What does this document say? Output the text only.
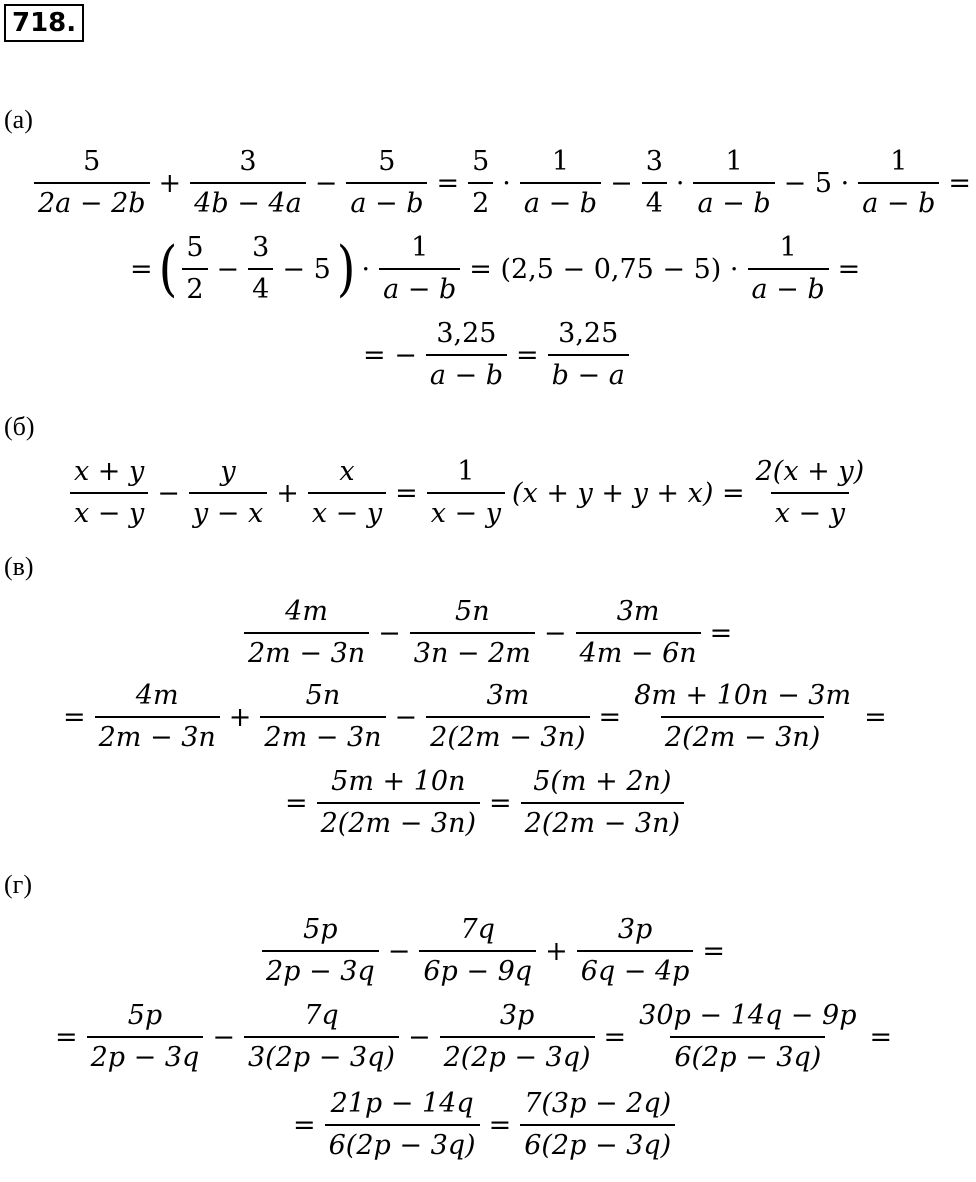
718.
(а)
$\frac{5}{2a - 2b} + \frac{3}{4b - 4a} - \frac{5}{a - b} = \frac{5}{2} \cdot \frac{1}{a - b} - \frac{3}{4} \cdot \frac{1}{a - b} - 5 \cdot \frac{1}{a - b}$ =
= ( $\frac{5}{2} - \frac{3}{4} - 5$ ) · $\frac{1}{a - b} = (2,5 - 0,75 - 5) \cdot \frac{1}{a - b}$ =
= − $\frac{3,25}{a - b} = \frac{3,25}{b - a}$
(б)
$\frac{x + y}{x - y} - \frac{y}{y - x} + \frac{x}{x - y} = \frac{1}{x - y} (x + y + y + x) = \frac{2(x + y)}{x - y}$
(в)
$\frac{4m}{2m - 3n} - \frac{5n}{3n - 2m} - \frac{3m}{4m - 6n}$ =
= $\frac{4m}{2m - 3n} + \frac{5n}{2m - 3n} - \frac{3m}{2(2m - 3n)} = \frac{8m + 10n - 3m}{2(2m - 3n)}$ =
= $\frac{5m + 10n}{2(2m - 3n)} = \frac{5(m + 2n)}{2(2m - 3n)}$
(г)
$\frac{5p}{2p - 3q} - \frac{7q}{6p - 9q} + \frac{3p}{6q - 4p}$ =
= $\frac{5p}{2p - 3q} - \frac{7q}{3(2p - 3q)} - \frac{3p}{2(2p - 3q)} = \frac{30p - 14q - 9p}{6(2p - 3q)}$ =
= $\frac{21p - 14q}{6(2p - 3q)} = \frac{7(3p - 2q)}{6(2p - 3q)}$
